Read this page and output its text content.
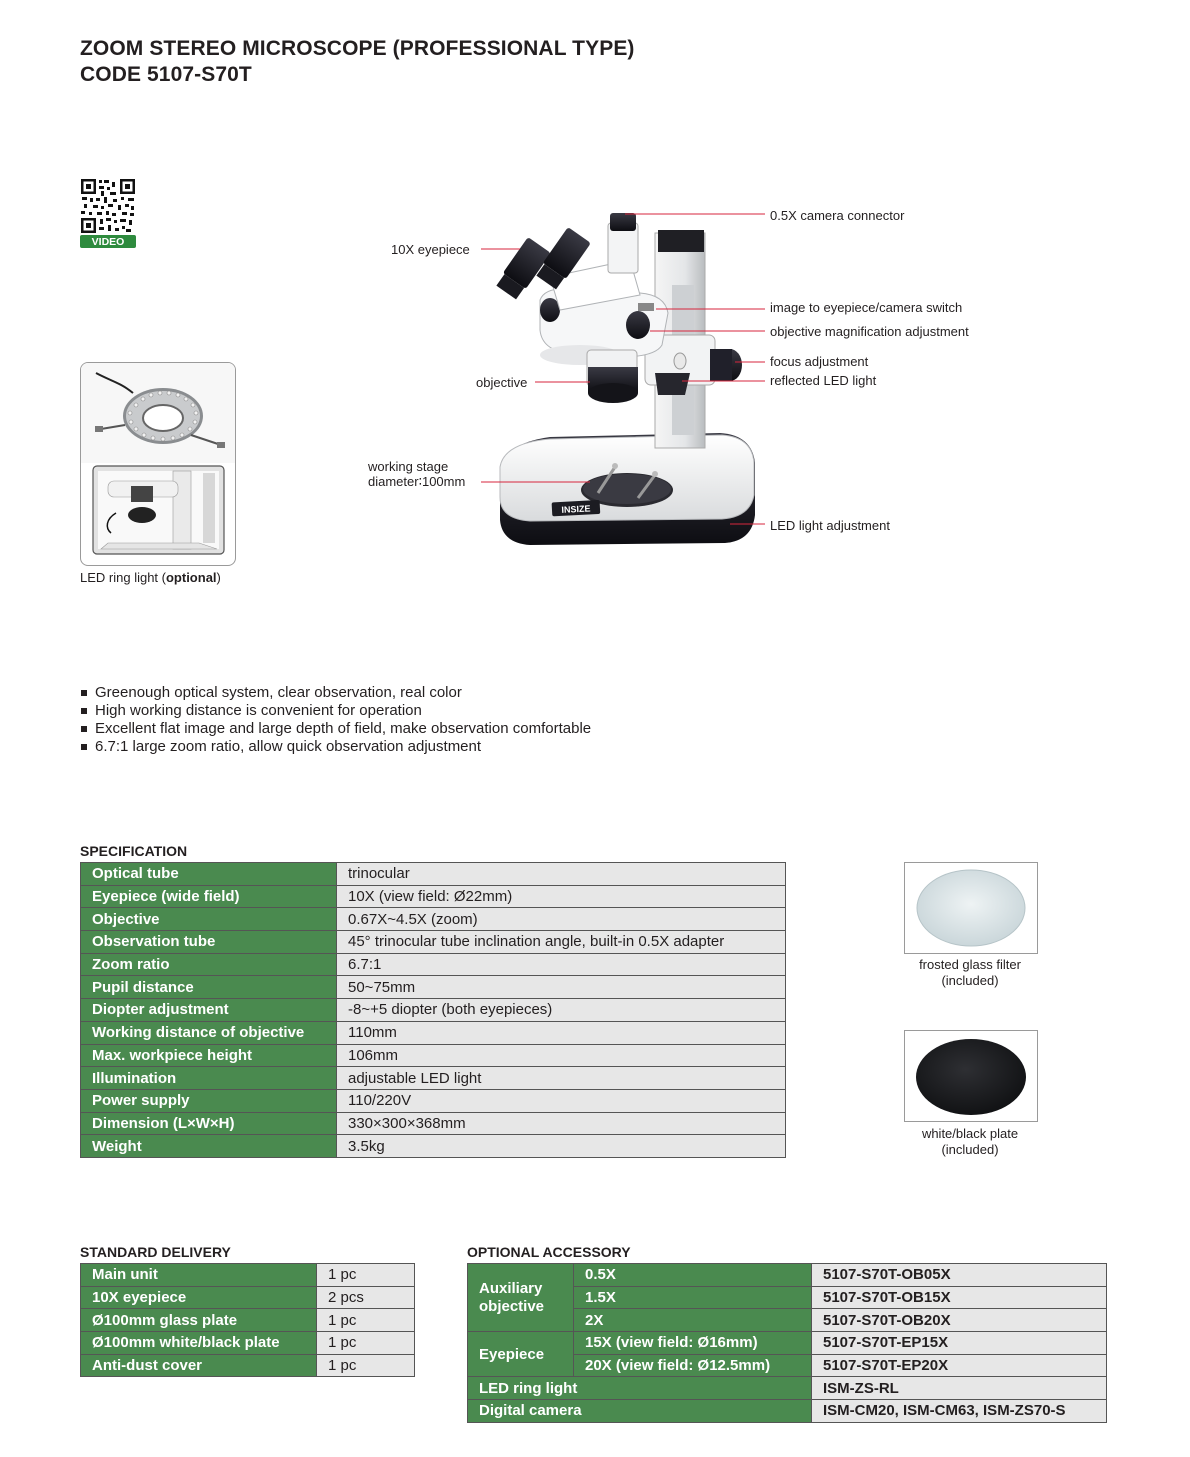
ZOOM STEREO MICROSCOPE (PROFESSIONAL TYPE)
CODE 5107-S70T
VIDEO
LED ring light (optional)
INSIZE
0.5X camera connector
10X eyepiece
image to eyepiece/camera switch
objective magnification adjustment
focus adjustment
reflected LED light
objective
working stage diameter∶100mm
LED light adjustment
Greenough optical system, clear observation, real color
High working distance is convenient for operation
Excellent flat image and large depth of field, make observation comfortable
6.7:1 large zoom ratio, allow quick observation adjustment
SPECIFICATION
Optical tube	trinocular
Eyepiece (wide field)	10X (view field: Ø22mm)
Objective	0.67X~4.5X (zoom)
Observation tube	45° trinocular tube inclination angle, built-in 0.5X adapter
Zoom ratio	6.7:1
Pupil distance	50~75mm
Diopter adjustment	-8~+5 diopter (both eyepieces)
Working distance of objective	110mm
Max. workpiece height	106mm
Illumination	adjustable LED light
Power supply	110/220V
Dimension (L×W×H)	330×300×368mm
Weight	3.5kg
frosted glass filter
(included)
white/black plate
(included)
STANDARD DELIVERY
Main unit	1 pc
10X eyepiece	2 pcs
Ø100mm glass plate	1 pc
Ø100mm white/black plate	1 pc
Anti-dust cover	1 pc
OPTIONAL ACCESSORY
Auxiliary objective	0.5X	5107-S70T-OB05X
	1.5X	5107-S70T-OB15X
	2X	5107-S70T-OB20X
Eyepiece	15X (view field: Ø16mm)	5107-S70T-EP15X
	20X (view field: Ø12.5mm)	5107-S70T-EP20X
LED ring light		ISM-ZS-RL
Digital camera		ISM-CM20, ISM-CM63, ISM-ZS70-S
